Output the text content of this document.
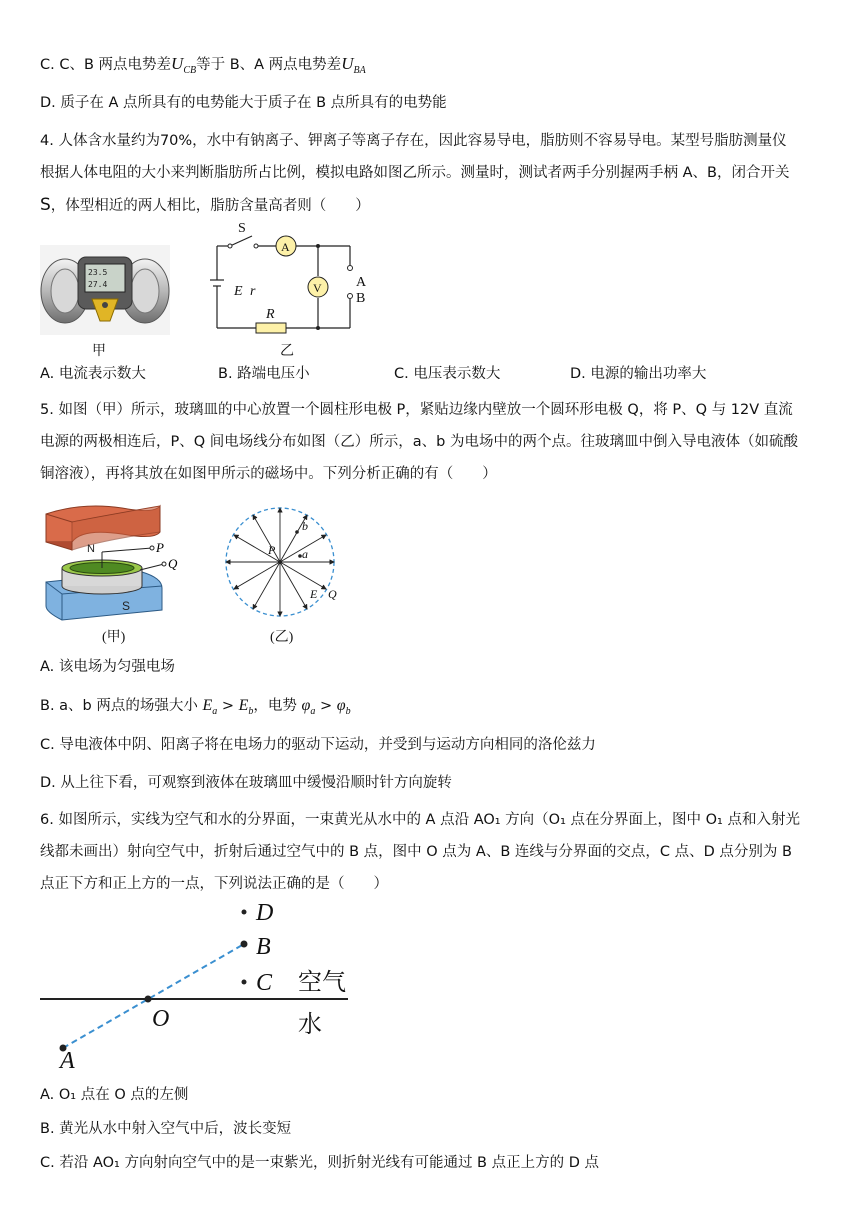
C. C、B 两点电势差$U_{CB}$等于 B、A 两点电势差$U_{BA}$
D. 质子在 A 点所具有的电势能大于质子在 B 点所具有的电势能
4. 人体含水量约为70%，水中有钠离子、钾离子等离子存在，因此容易导电，脂肪则不容易导电。某型号脂肪测量仪
根据人体电阻的大小来判断脂肪所占比例，模拟电路如图乙所示。测量时，测试者两手分别握两手柄 A、B，闭合开关
S，体型相近的两人相比，脂肪含量高者则（　　）
23.5
27.4
甲
S
A
V
E r
R
A
B
乙
A. 电流表示数大	B. 路端电压小	C. 电压表示数大	D. 电源的输出功率大
5. 如图（甲）所示，玻璃皿的中心放置一个圆柱形电极 P，紧贴边缘内壁放一个圆环形电极 Q，将 P、Q 与 12V 直流
电源的两极相连后，P、Q 间电场线分布如图（乙）所示，a、b 为电场中的两个点。往玻璃皿中倒入导电液体（如硫酸
铜溶液），再将其放在如图甲所示的磁场中。下列分析正确的有（　　）
N
S
P
Q
(甲)
P
b
a
E Q
(乙)
A. 该电场为匀强电场
B. a、b 两点的场强大小 $E_a > E_b$，电势 $\varphi_a > \varphi_b$
C. 导电液体中阴、阳离子将在电场力的驱动下运动，并受到与运动方向相同的洛伦兹力
D. 从上往下看，可观察到液体在玻璃皿中缓慢沿顺时针方向旋转
6. 如图所示，实线为空气和水的分界面，一束黄光从水中的 A 点沿 AO₁ 方向（O₁ 点在分界面上，图中 O₁ 点和入射光
线都未画出）射向空气中，折射后通过空气中的 B 点，图中 O 点为 A、B 连线与分界面的交点，C 点、D 点分别为 B
点正下方和正上方的一点，下列说法正确的是（　　）
D
B
C
O
A
空气
水
A. O₁ 点在 O 点的左侧
B. 黄光从水中射入空气中后，波长变短
C. 若沿 AO₁ 方向射向空气中的是一束紫光，则折射光线有可能通过 B 点正上方的 D 点
